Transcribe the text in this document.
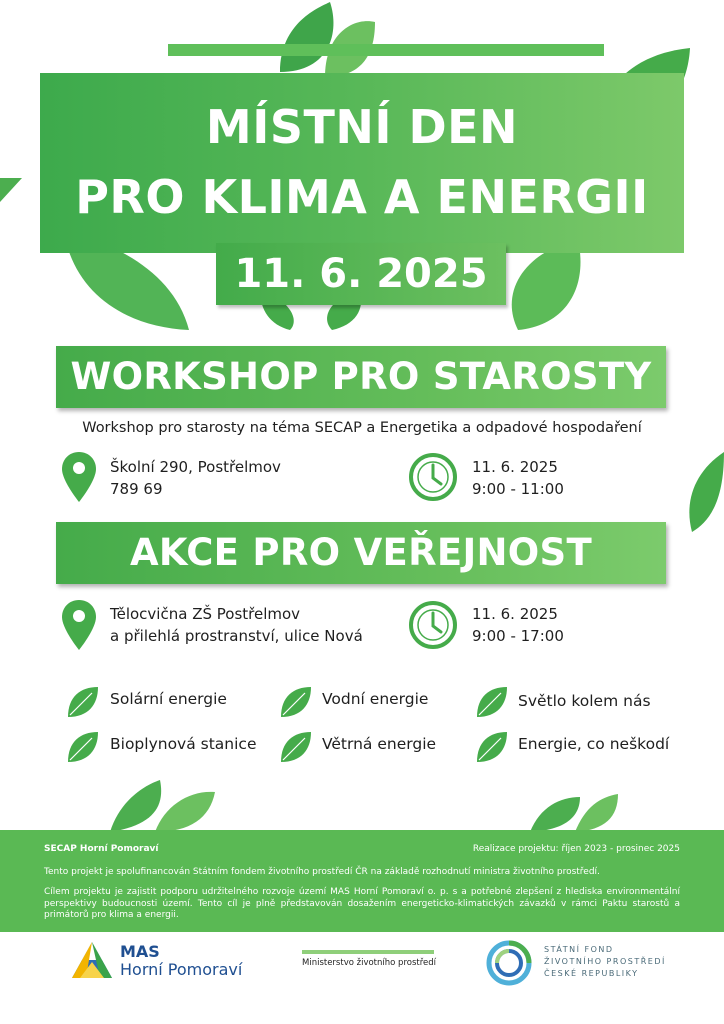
MÍSTNÍ DEN
PRO KLIMA A ENERGII
11. 6. 2025
WORKSHOP PRO STAROSTY
Workshop pro starosty na téma SECAP a Energetika a odpadové hospodaření
Školní 290, Postřelmov
789 69
11. 6. 2025
9:00 - 11:00
AKCE PRO VEŘEJNOST
Tělocvična ZŠ Postřelmov
a přilehlá prostranství, ulice Nová
11. 6. 2025
9:00 - 17:00
Solární energie	Vodní energie	Světlo kolem nás
Bioplynová stanice	Větrná energie	Energie, co neškodí
SECAP Horní Pomoraví	Realizace projektu: říjen 2023 - prosinec 2025
Tento projekt je spolufinancován Státním fondem životního prostředí ČR na základě rozhodnutí ministra životního prostředí.
Cílem projektu je zajistit podporu udržitelného rozvoje území MAS Horní Pomoraví o. p. s a potřebné zlepšení z hlediska environmentální perspektivy budoucnosti území. Tento cíl je plně představován dosažením energeticko-klimatických závazků v rámci Paktu starostů a primátorů pro klima a energii.
MAS
Horní Pomoraví	Ministerstvo životního prostředí
STÁTNÍ FOND
ŽIVOTNÍHO PROSTŘEDÍ
ČESKÉ REPUBLIKY
